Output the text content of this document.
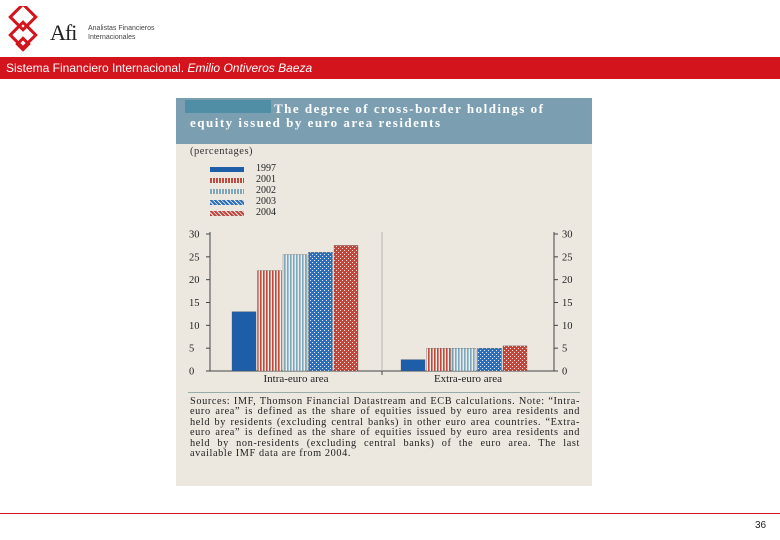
Afi Analistas Financieros
Internacionales
Sistema Financiero Internacional. Emilio Ontiveros Baeza
The degree of cross-border holdings of equity issued by euro area residents
(percentages)
1997
2001
2002
2003
2004
0	0
5	5
10	10
15	15
20	20
25	25
30	30
Intra-euro area	Extra-euro area
Sources: IMF, Thomson Financial Datastream and ECB calculations. Note: “Intra-euro area” is defined as the share of equities issued by euro area residents and held by residents (excluding central banks) in other euro area countries. “Extra-euro area” is defined as the share of equities issued by euro area residents and held by non-residents (excluding central banks) of the euro area. The last available IMF data are from 2004.
36
